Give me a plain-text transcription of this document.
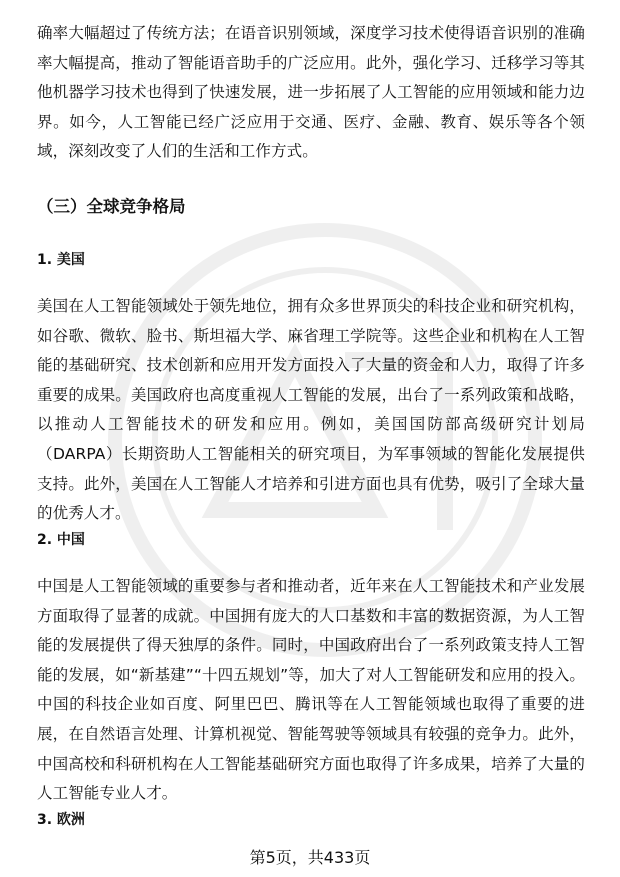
确率大幅超过了传统方法；在语音识别领域，深度学习技术使得语音识别的准确率大幅提高，推动了智能语音助手的广泛应用。此外，强化学习、迁移学习等其他机器学习技术也得到了快速发展，进一步拓展了人工智能的应用领域和能力边界。如今，人工智能已经广泛应用于交通、医疗、金融、教育、娱乐等各个领域，深刻改变了人们的生活和工作方式。

（三）全球竞争格局
1. 美国

美国在人工智能领域处于领先地位，拥有众多世界顶尖的科技企业和研究机构，如谷歌、微软、脸书、斯坦福大学、麻省理工学院等。这些企业和机构在人工智能的基础研究、技术创新和应用开发方面投入了大量的资金和人力，取得了许多重要的成果。美国政府也高度重视人工智能的发展，出台了一系列政策和战略，以推动人工智能技术的研发和应用。例如，美国国防部高级研究计划局（DARPA）长期资助人工智能相关的研究项目，为军事领域的智能化发展提供支持。此外，美国在人工智能人才培养和引进方面也具有优势，吸引了全球大量的优秀人才。

2. 中国

中国是人工智能领域的重要参与者和推动者，近年来在人工智能技术和产业发展方面取得了显著的成就。中国拥有庞大的人口基数和丰富的数据资源，为人工智能的发展提供了得天独厚的条件。同时，中国政府出台了一系列政策支持人工智能的发展，如“新基建”“十四五规划”等，加大了对人工智能研发和应用的投入。中国的科技企业如百度、阿里巴巴、腾讯等在人工智能领域也取得了重要的进展，在自然语言处理、计算机视觉、智能驾驶等领域具有较强的竞争力。此外，中国高校和科研机构在人工智能基础研究方面也取得了许多成果，培养了大量的人工智能专业人才。

3. 欧洲
第5页，共433页
